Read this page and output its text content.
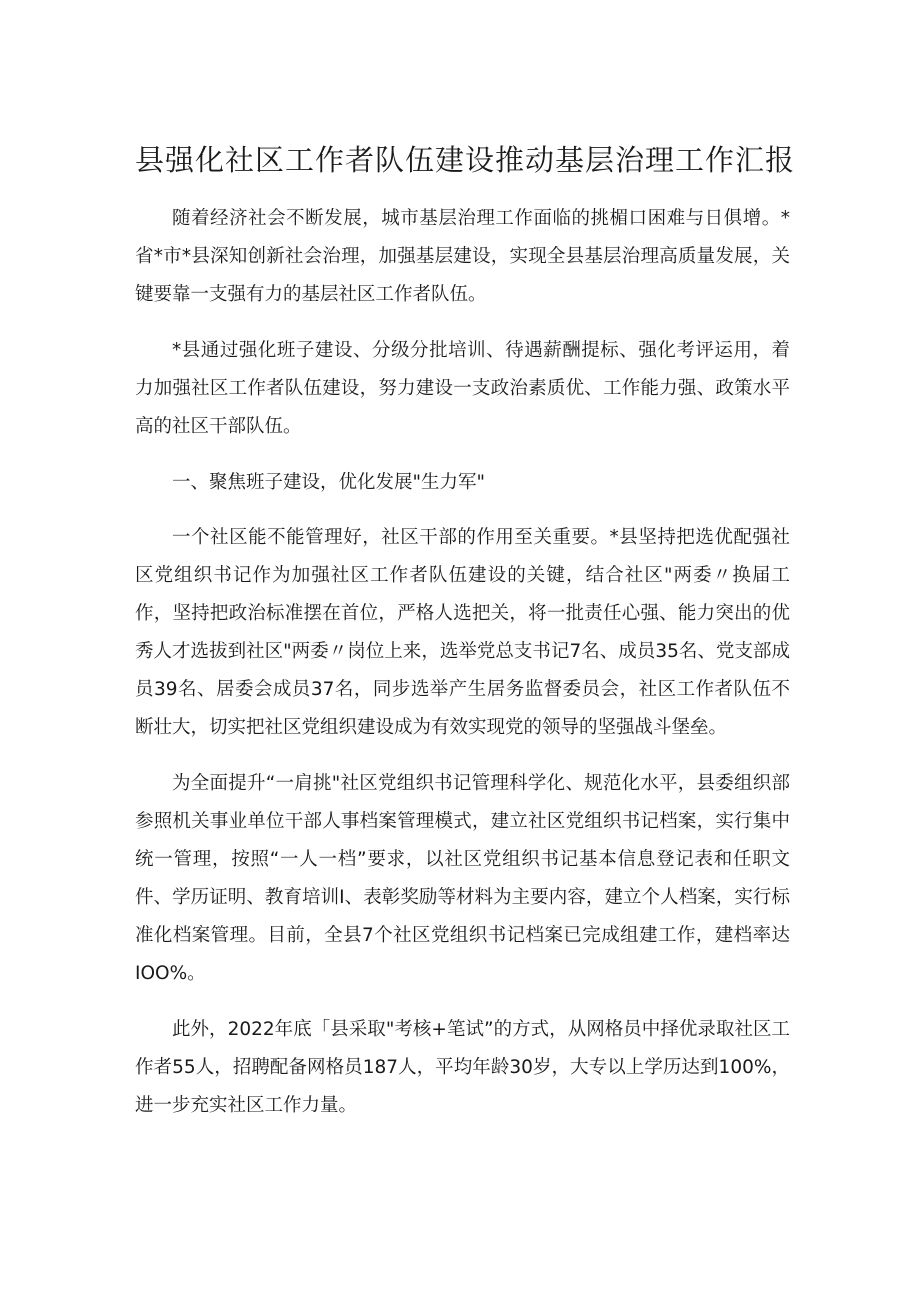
县强化社区工作者队伍建设推动基层治理工作汇报

随着经济社会不断发展，城市基层治理工作面临的挑楣口困难与日俱增。*省*市*县深知创新社会治理，加强基层建设，实现全县基层治理高质量发展，关键要靠一支强有力的基层社区工作者队伍。

*县通过强化班子建设、分级分批培训、待遇薪酬提标、强化考评运用，着力加强社区工作者队伍建设，努力建设一支政治素质优、工作能力强、政策水平高的社区干部队伍。

一、聚焦班子建设，优化发展"生力军"

一个社区能不能管理好，社区干部的作用至关重要。*县坚持把选优配强社区党组织书记作为加强社区工作者队伍建设的关键，结合社区"两委〃换届工作，坚持把政治标准摆在首位，严格人选把关，将一批责任心强、能力突出的优秀人才选拔到社区"两委〃岗位上来，选举党总支书记7名、成员35名、党支部成员39名、居委会成员37名，同步选举产生居务监督委员会，社区工作者队伍不断壮大，切实把社区党组织建设成为有效实现党的领导的坚强战斗堡垒。

为全面提升“一肩挑"社区党组织书记管理科学化、规范化水平，县委组织部参照机关事业单位干部人事档案管理模式，建立社区党组织书记档案，实行集中统一管理，按照“一人一档”要求，以社区党组织书记基本信息登记表和任职文件、学历证明、教育培训I、表彰奖励等材料为主要内容，建立个人档案，实行标准化档案管理。目前，全县7个社区党组织书记档案已完成组建工作，建档率达IOO%。

此外，2022年底「县采取"考核+笔试”的方式，从网格员中择优录取社区工作者55人，招聘配备网格员187人，平均年龄30岁，大专以上学历达到100%，进一步充实社区工作力量。
